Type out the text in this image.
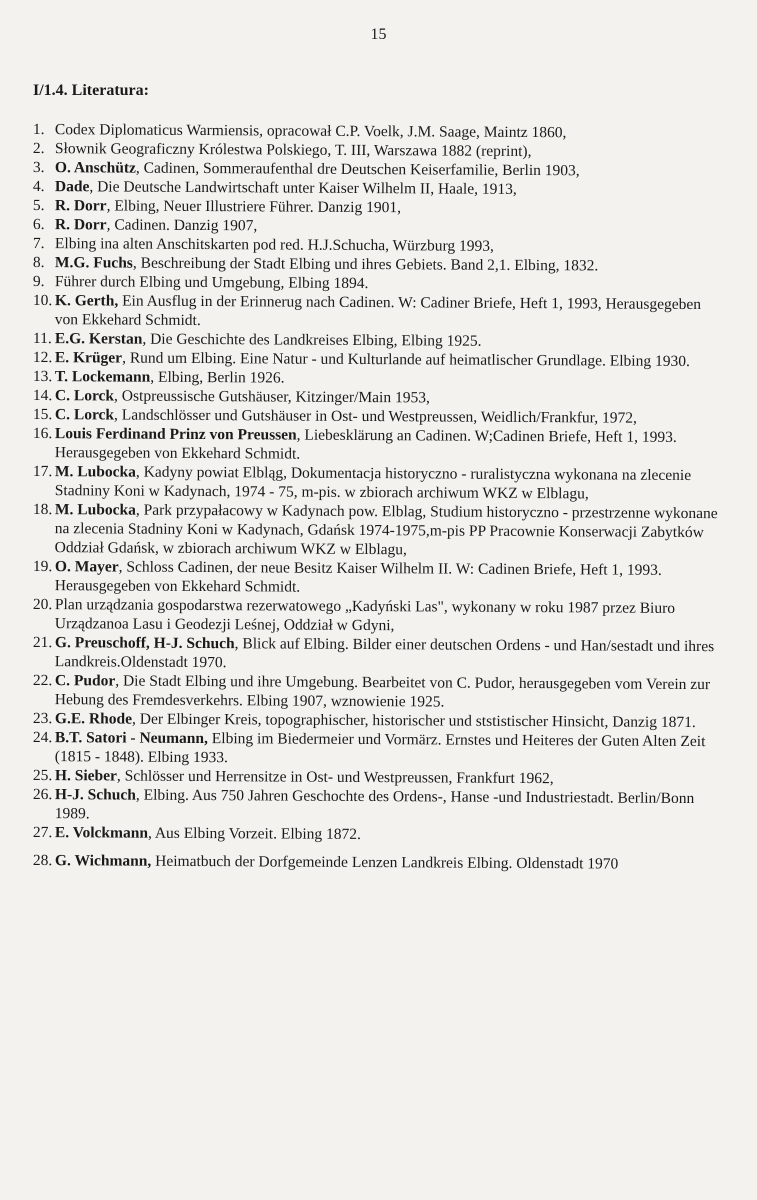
15
I/1.4. Literatura:
1. Codex Diplomaticus Warmiensis, opracował C.P. Voelk, J.M. Saage, Maintz 1860,
2. Słownik Geograficzny Królestwa Polskiego, T. III, Warszawa 1882 (reprint),
3. O. Anschütz, Cadinen, Sommeraufenthal dre Deutschen Keiserfamilie, Berlin 1903,
4. Dade, Die Deutsche Landwirtschaft unter Kaiser Wilhelm II, Haale, 1913,
5. R. Dorr, Elbing, Neuer Illustriere Führer. Danzig 1901,
6. R. Dorr, Cadinen. Danzig 1907,
7. Elbing ina alten Anschitskarten pod red. H.J.Schucha, Würzburg 1993,
8. M.G. Fuchs, Beschreibung der Stadt Elbing und ihres Gebiets. Band 2,1. Elbing, 1832.
9. Führer durch Elbing und Umgebung, Elbing 1894.
10. K. Gerth, Ein Ausflug in der Erinnerug nach Cadinen. W: Cadiner Briefe, Heft 1, 1993, Herausgegeben von Ekkehard Schmidt.
11. E.G. Kerstan, Die Geschichte des Landkreises Elbing, Elbing 1925.
12. E. Krüger, Rund um Elbing. Eine Natur - und Kulturlande auf heimatlischer Grundlage. Elbing 1930.
13. T. Lockemann, Elbing, Berlin 1926.
14. C. Lorck, Ostpreussische Gutshäuser, Kitzinger/Main 1953,
15. C. Lorck, Landschlösser und Gutshäuser in Ost- und Westpreussen, Weidlich/Frankfur, 1972,
16. Louis Ferdinand Prinz von Preussen, Liebesklärung an Cadinen. W;Cadinen Briefe, Heft 1, 1993. Herausgegeben von Ekkehard Schmidt.
17. M. Lubocka, Kadyny powiat Elbląg, Dokumentacja historyczno - ruralistyczna wykonana na zlecenie Stadniny Koni w Kadynach, 1974 - 75, m-pis. w zbiorach archiwum WKZ w Elblagu,
18. M. Lubocka, Park przypałacowy w Kadynach pow. Elblag, Studium historyczno - przestrzenne wykonane na zlecenia Stadniny Koni w Kadynach, Gdańsk 1974-1975,m-pis PP Pracownie Konserwacji Zabytków Oddział Gdańsk, w zbiorach archiwum WKZ w Elblagu,
19. O. Mayer, Schloss Cadinen, der neue Besitz Kaiser Wilhelm II. W: Cadinen Briefe, Heft 1, 1993. Herausgegeben von Ekkehard Schmidt.
20. Plan urządzania gospodarstwa rezerwatowego „Kadyński Las", wykonany w roku 1987 przez Biuro Urządzanoa Lasu i Geodezji Leśnej, Oddział w Gdyni,
21. G. Preuschoff, H-J. Schuch, Blick auf Elbing. Bilder einer deutschen Ordens - und Han/sestadt und ihres Landkreis.Oldenstadt 1970.
22. C. Pudor, Die Stadt Elbing und ihre Umgebung. Bearbeitet von C. Pudor, herausgegeben vom Verein zur Hebung des Fremdesverkehrs. Elbing 1907, wznowienie 1925.
23. G.E. Rhode, Der Elbinger Kreis, topographischer, historischer und ststistischer Hinsicht, Danzig 1871.
24. B.T. Satori - Neumann, Elbing im Biedermeier und Vormärz. Ernstes und Heiteres der Guten Alten Zeit (1815 - 1848). Elbing 1933.
25. H. Sieber, Schlösser und Herrensitze in Ost- und Westpreussen, Frankfurt 1962,
26. H-J. Schuch, Elbing. Aus 750 Jahren Geschochte des Ordens-, Hanse -und Industriestadt. Berlin/Bonn 1989.
27. E. Volckmann, Aus Elbing Vorzeit. Elbing 1872.
28. G. Wichmann, Heimatbuch der Dorfgemeinde Lenzen Landkreis Elbing. Oldenstadt 1970
